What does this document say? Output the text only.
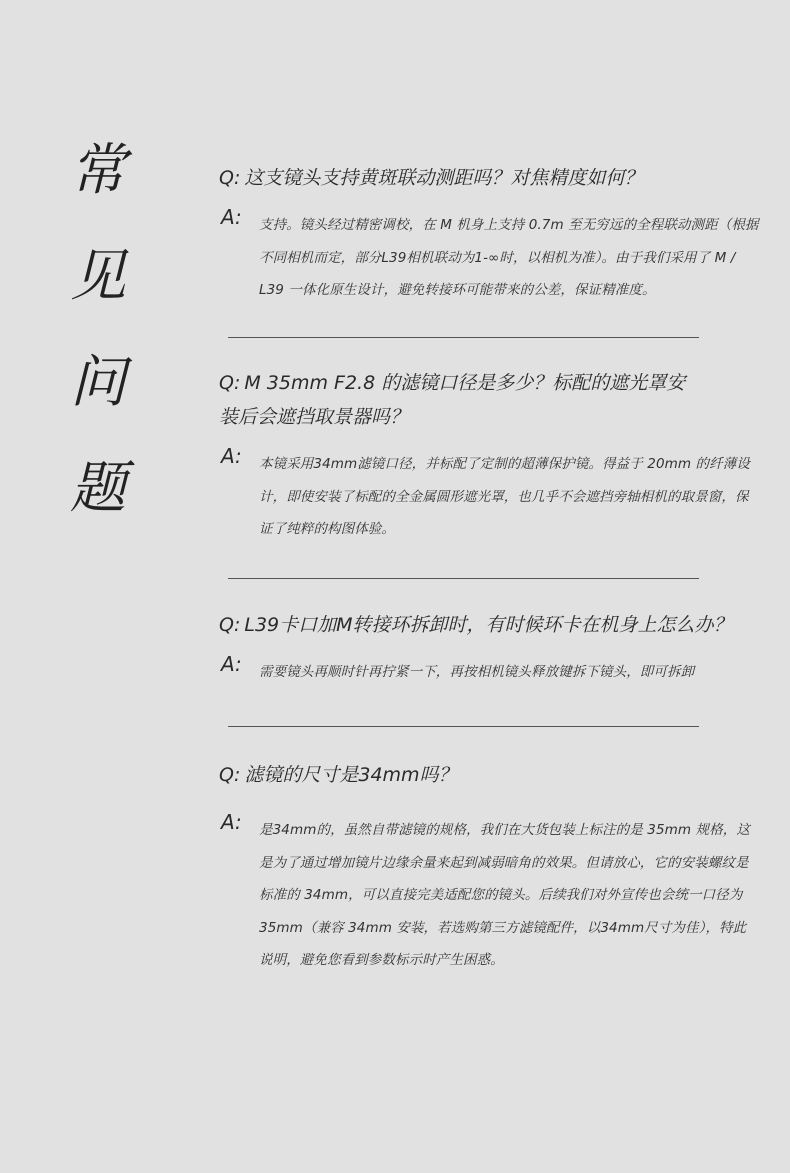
常
见
问
题
Q: 这支镜头支持黄斑联动测距吗？对焦精度如何？
A: 支持。镜头经过精密调校，在 M 机身上支持 0.7m 至无穷远的全程联动测距（根据不同相机而定，部分L39相机联动为1-∞时，以相机为准）。由于我们采用了 M / L39 一体化原生设计，避免转接环可能带来的公差，保证精准度。
Q: M 35mm F2.8 的滤镜口径是多少？标配的遮光罩安装后会遮挡取景器吗？
A: 本镜采用34mm滤镜口径，并标配了定制的超薄保护镜。得益于 20mm 的纤薄设计，即使安装了标配的全金属圆形遮光罩，也几乎不会遮挡旁轴相机的取景窗，保证了纯粹的构图体验。
Q: L39卡口加M转接环拆卸时，有时候环卡在机身上怎么办？
A: 需要镜头再顺时针再拧紧一下，再按相机镜头释放键拆下镜头，即可拆卸
Q: 滤镜的尺寸是34mm吗？
A: 是34mm的，虽然自带滤镜的规格，我们在大货包装上标注的是 35mm 规格，这是为了通过增加镜片边缘余量来起到减弱暗角的效果。但请放心，它的安装螺纹是标准的 34mm，可以直接完美适配您的镜头。后续我们对外宣传也会统一口径为 35mm（兼容 34mm 安装，若选购第三方滤镜配件，以34mm尺寸为佳），特此说明，避免您看到参数标示时产生困惑。
